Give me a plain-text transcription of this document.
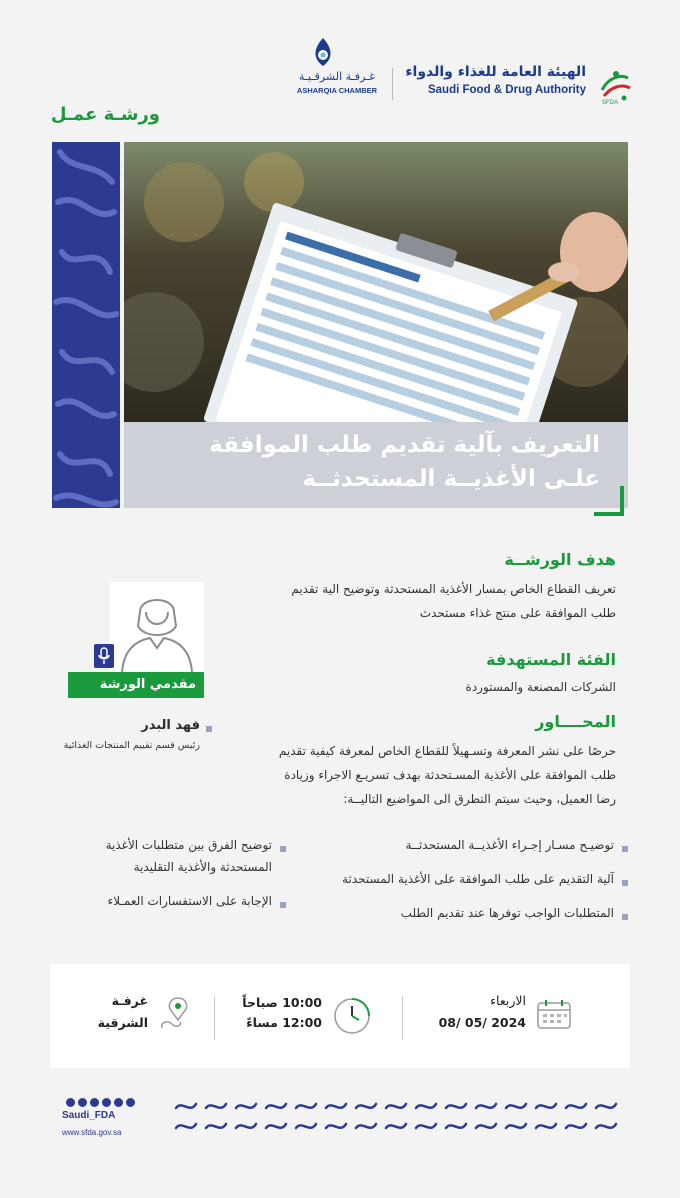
SFDA
الهيئة العامة للغذاء والدواء
Saudi Food & Drug Authority
غـرفـة الشرقـيـة
ASHARQIA CHAMBER
ورشـة عمـل
التعريف بآلية تقديم طلب الموافقة
علـى الأغذيــة المستحدثــة
هدف الورشــة
تعريف القطاع الخاص بمسار الأغذية المستحدثة وتوضيح الية تقديم
طلب الموافقة على منتج غذاء مستحدث
الفئة المستهدفة
الشركات المصنعة والمستوردة
المحــــاور
حرصًا على نشر المعرفة وتسـهيلاً للقطاع الخاص لمعرفة كيفية تقديم
طلب الموافقة على الأغذية المسـتحدثة بهدف تسريـع الاجراء وزيادة
رضا العميل، وحيث سيتم التطرق الى المواضيع التاليــة:
مقدمي الورشة
فهد البدر
رئيس قسم تقييم المنتجات الغذائية
توضيـح مسـار إجـراء الأغذيــة المستحدثــة
آلية التقديم على طلب الموافقة على الأغذية المستحدثة
المتطلبات الواجب توفرها عند تقديم الطلب
توضيح الفرق بين متطلبات الأغذية
المستحدثة والأغذية التقليدية
الإجابة على الاستفسارات العمـلاء
الاربعاء
08/ 05/ 2024
10:00 صباحاً
12:00 مساءً
غرفـة
الشرقية
Saudi_FDA
www.sfda.gov.sa
